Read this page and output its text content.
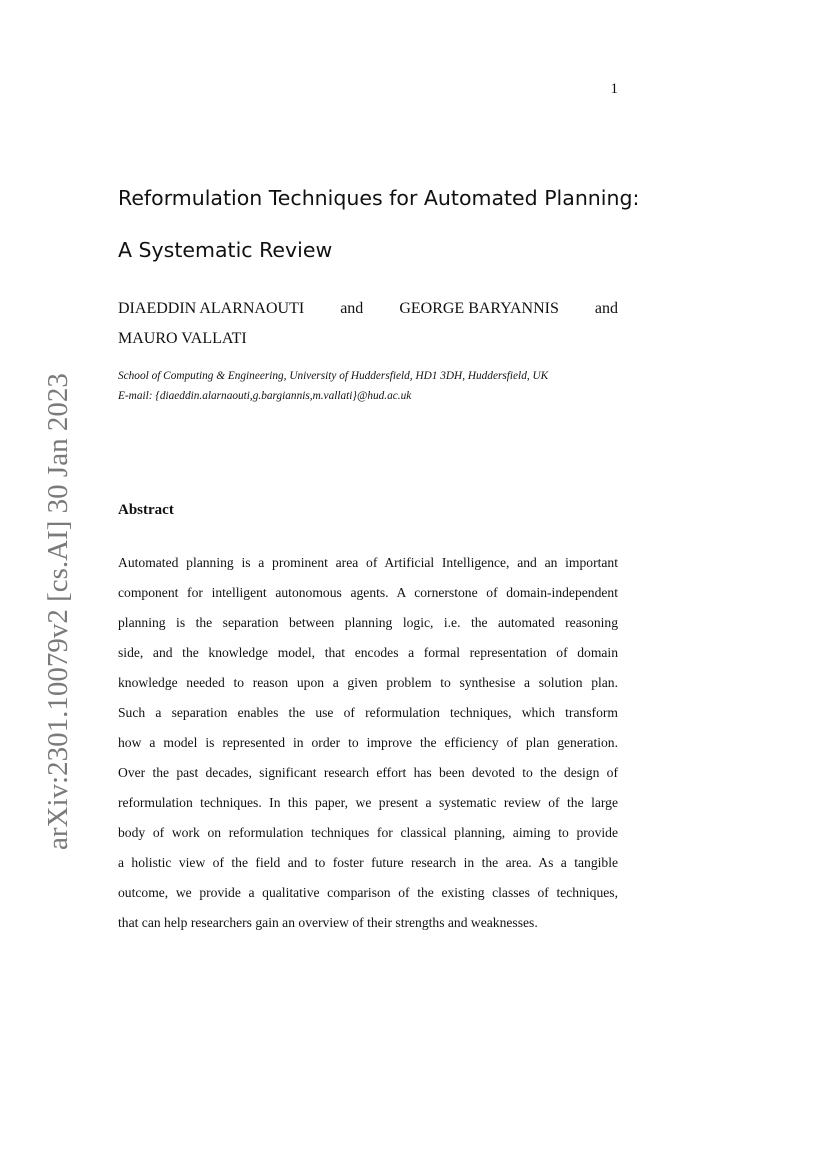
1
Reformulation Techniques for Automated Planning:
A Systematic Review
DIAEDDIN ALARNAOUTI and GEORGE BARYANNIS and
MAURO VALLATI
School of Computing & Engineering, University of Huddersfield, HD1 3DH, Huddersfield, UK
E-mail: {diaeddin.alarnaouti,g.bargiannis,m.vallati}@hud.ac.uk
Abstract
Automated planning is a prominent area of Artificial Intelligence, and an important
component for intelligent autonomous agents. A cornerstone of domain-independent
planning is the separation between planning logic, i.e. the automated reasoning
side, and the knowledge model, that encodes a formal representation of domain
knowledge needed to reason upon a given problem to synthesise a solution plan.
Such a separation enables the use of reformulation techniques, which transform
how a model is represented in order to improve the efficiency of plan generation.
Over the past decades, significant research effort has been devoted to the design of
reformulation techniques. In this paper, we present a systematic review of the large
body of work on reformulation techniques for classical planning, aiming to provide
a holistic view of the field and to foster future research in the area. As a tangible
outcome, we provide a qualitative comparison of the existing classes of techniques,
that can help researchers gain an overview of their strengths and weaknesses.
arXiv:2301.10079v2 [cs.AI] 30 Jan 2023
